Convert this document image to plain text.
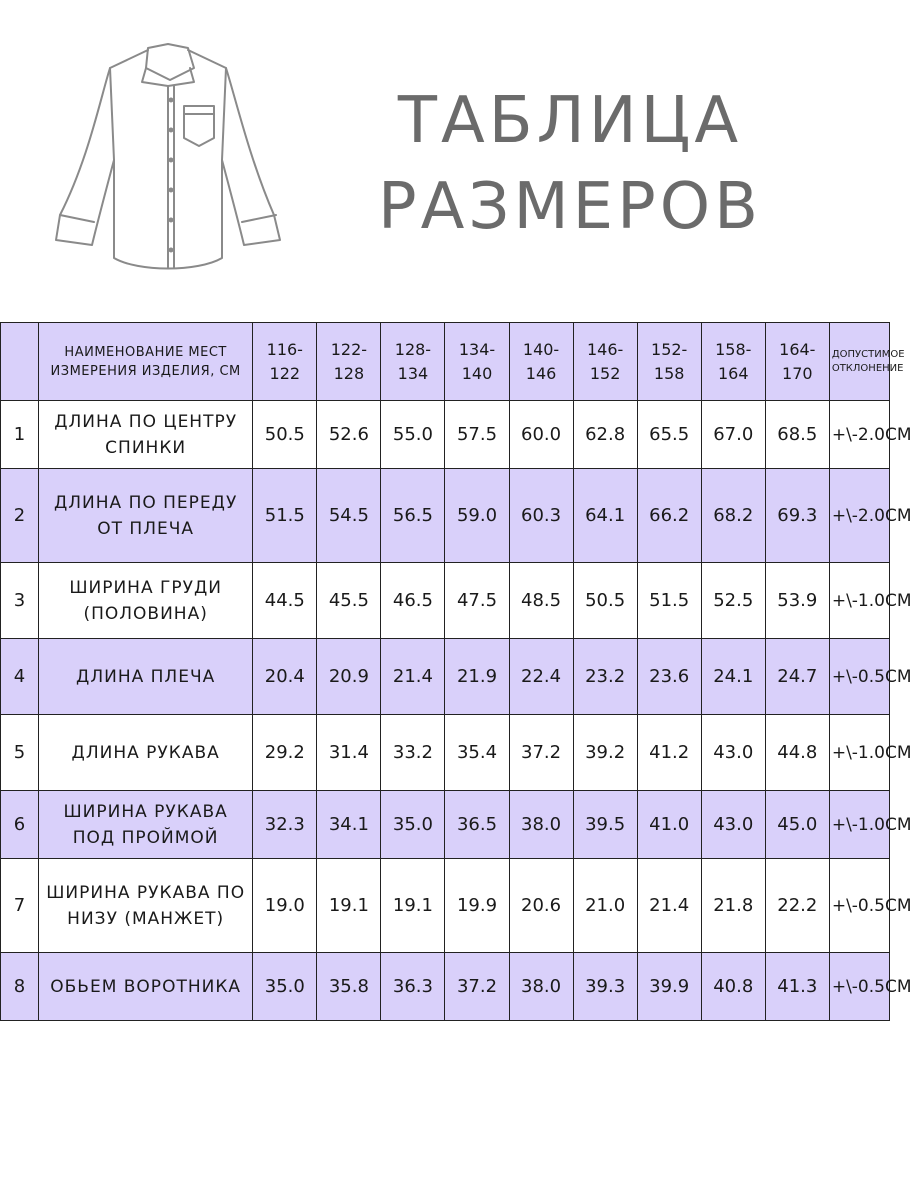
ТАБЛИЦА
РАЗМЕРОВ
	НАИМЕНОВАНИЕ МЕСТ ИЗМЕРЕНИЯ ИЗДЕЛИЯ, СМ	116-122	122-128	128-134	134-140	140-146	146-152	152-158	158-164	164-170	ДОПУСТИМОЕ ОТКЛОНЕНИЕ
1	ДЛИНА ПО ЦЕНТРУ СПИНКИ	50.5	52.6	55.0	57.5	60.0	62.8	65.5	67.0	68.5	+\-2.0СМ
2	ДЛИНА ПО ПЕРЕДУ ОТ ПЛЕЧА	51.5	54.5	56.5	59.0	60.3	64.1	66.2	68.2	69.3	+\-2.0СМ
3	ШИРИНА ГРУДИ (ПОЛОВИНА)	44.5	45.5	46.5	47.5	48.5	50.5	51.5	52.5	53.9	+\-1.0СМ
4	ДЛИНА ПЛЕЧА	20.4	20.9	21.4	21.9	22.4	23.2	23.6	24.1	24.7	+\-0.5СМ
5	ДЛИНА РУКАВА	29.2	31.4	33.2	35.4	37.2	39.2	41.2	43.0	44.8	+\-1.0СМ
6	ШИРИНА РУКАВА ПОД ПРОЙМОЙ	32.3	34.1	35.0	36.5	38.0	39.5	41.0	43.0	45.0	+\-1.0СМ
7	ШИРИНА РУКАВА ПО НИЗУ (МАНЖЕТ)	19.0	19.1	19.1	19.9	20.6	21.0	21.4	21.8	22.2	+\-0.5СМ
8	ОБЬЕМ ВОРОТНИКА	35.0	35.8	36.3	37.2	38.0	39.3	39.9	40.8	41.3	+\-0.5СМ
